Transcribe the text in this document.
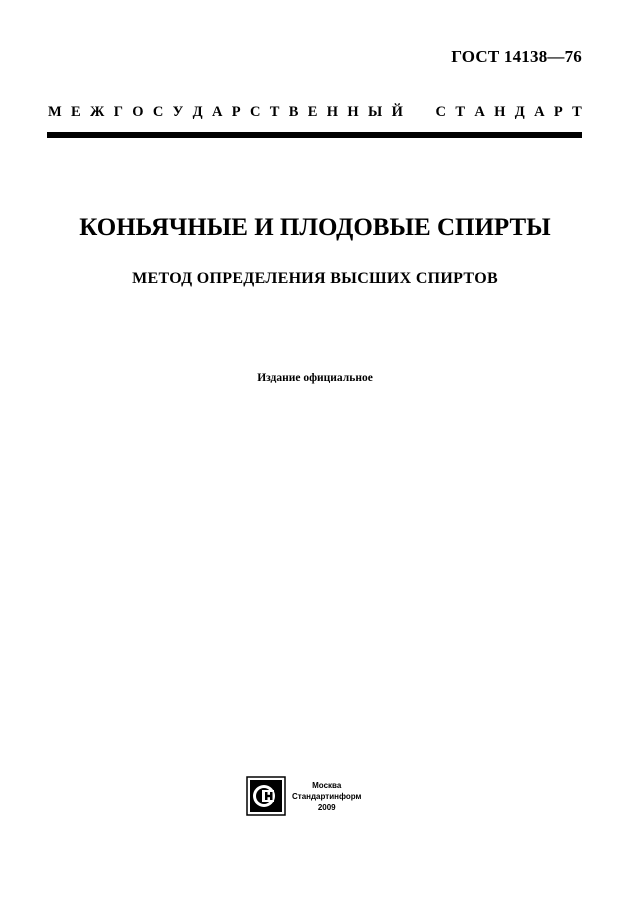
ГОСТ 14138—76
М Е Ж Г О С У Д А Р С Т В Е Н Н Ы Й С Т А Н Д А Р Т
КОНЬЯЧНЫЕ И ПЛОДОВЫЕ СПИРТЫ
МЕТОД ОПРЕДЕЛЕНИЯ ВЫСШИХ СПИРТОВ
Издание официальное
Москва
Стандартинформ
2009
